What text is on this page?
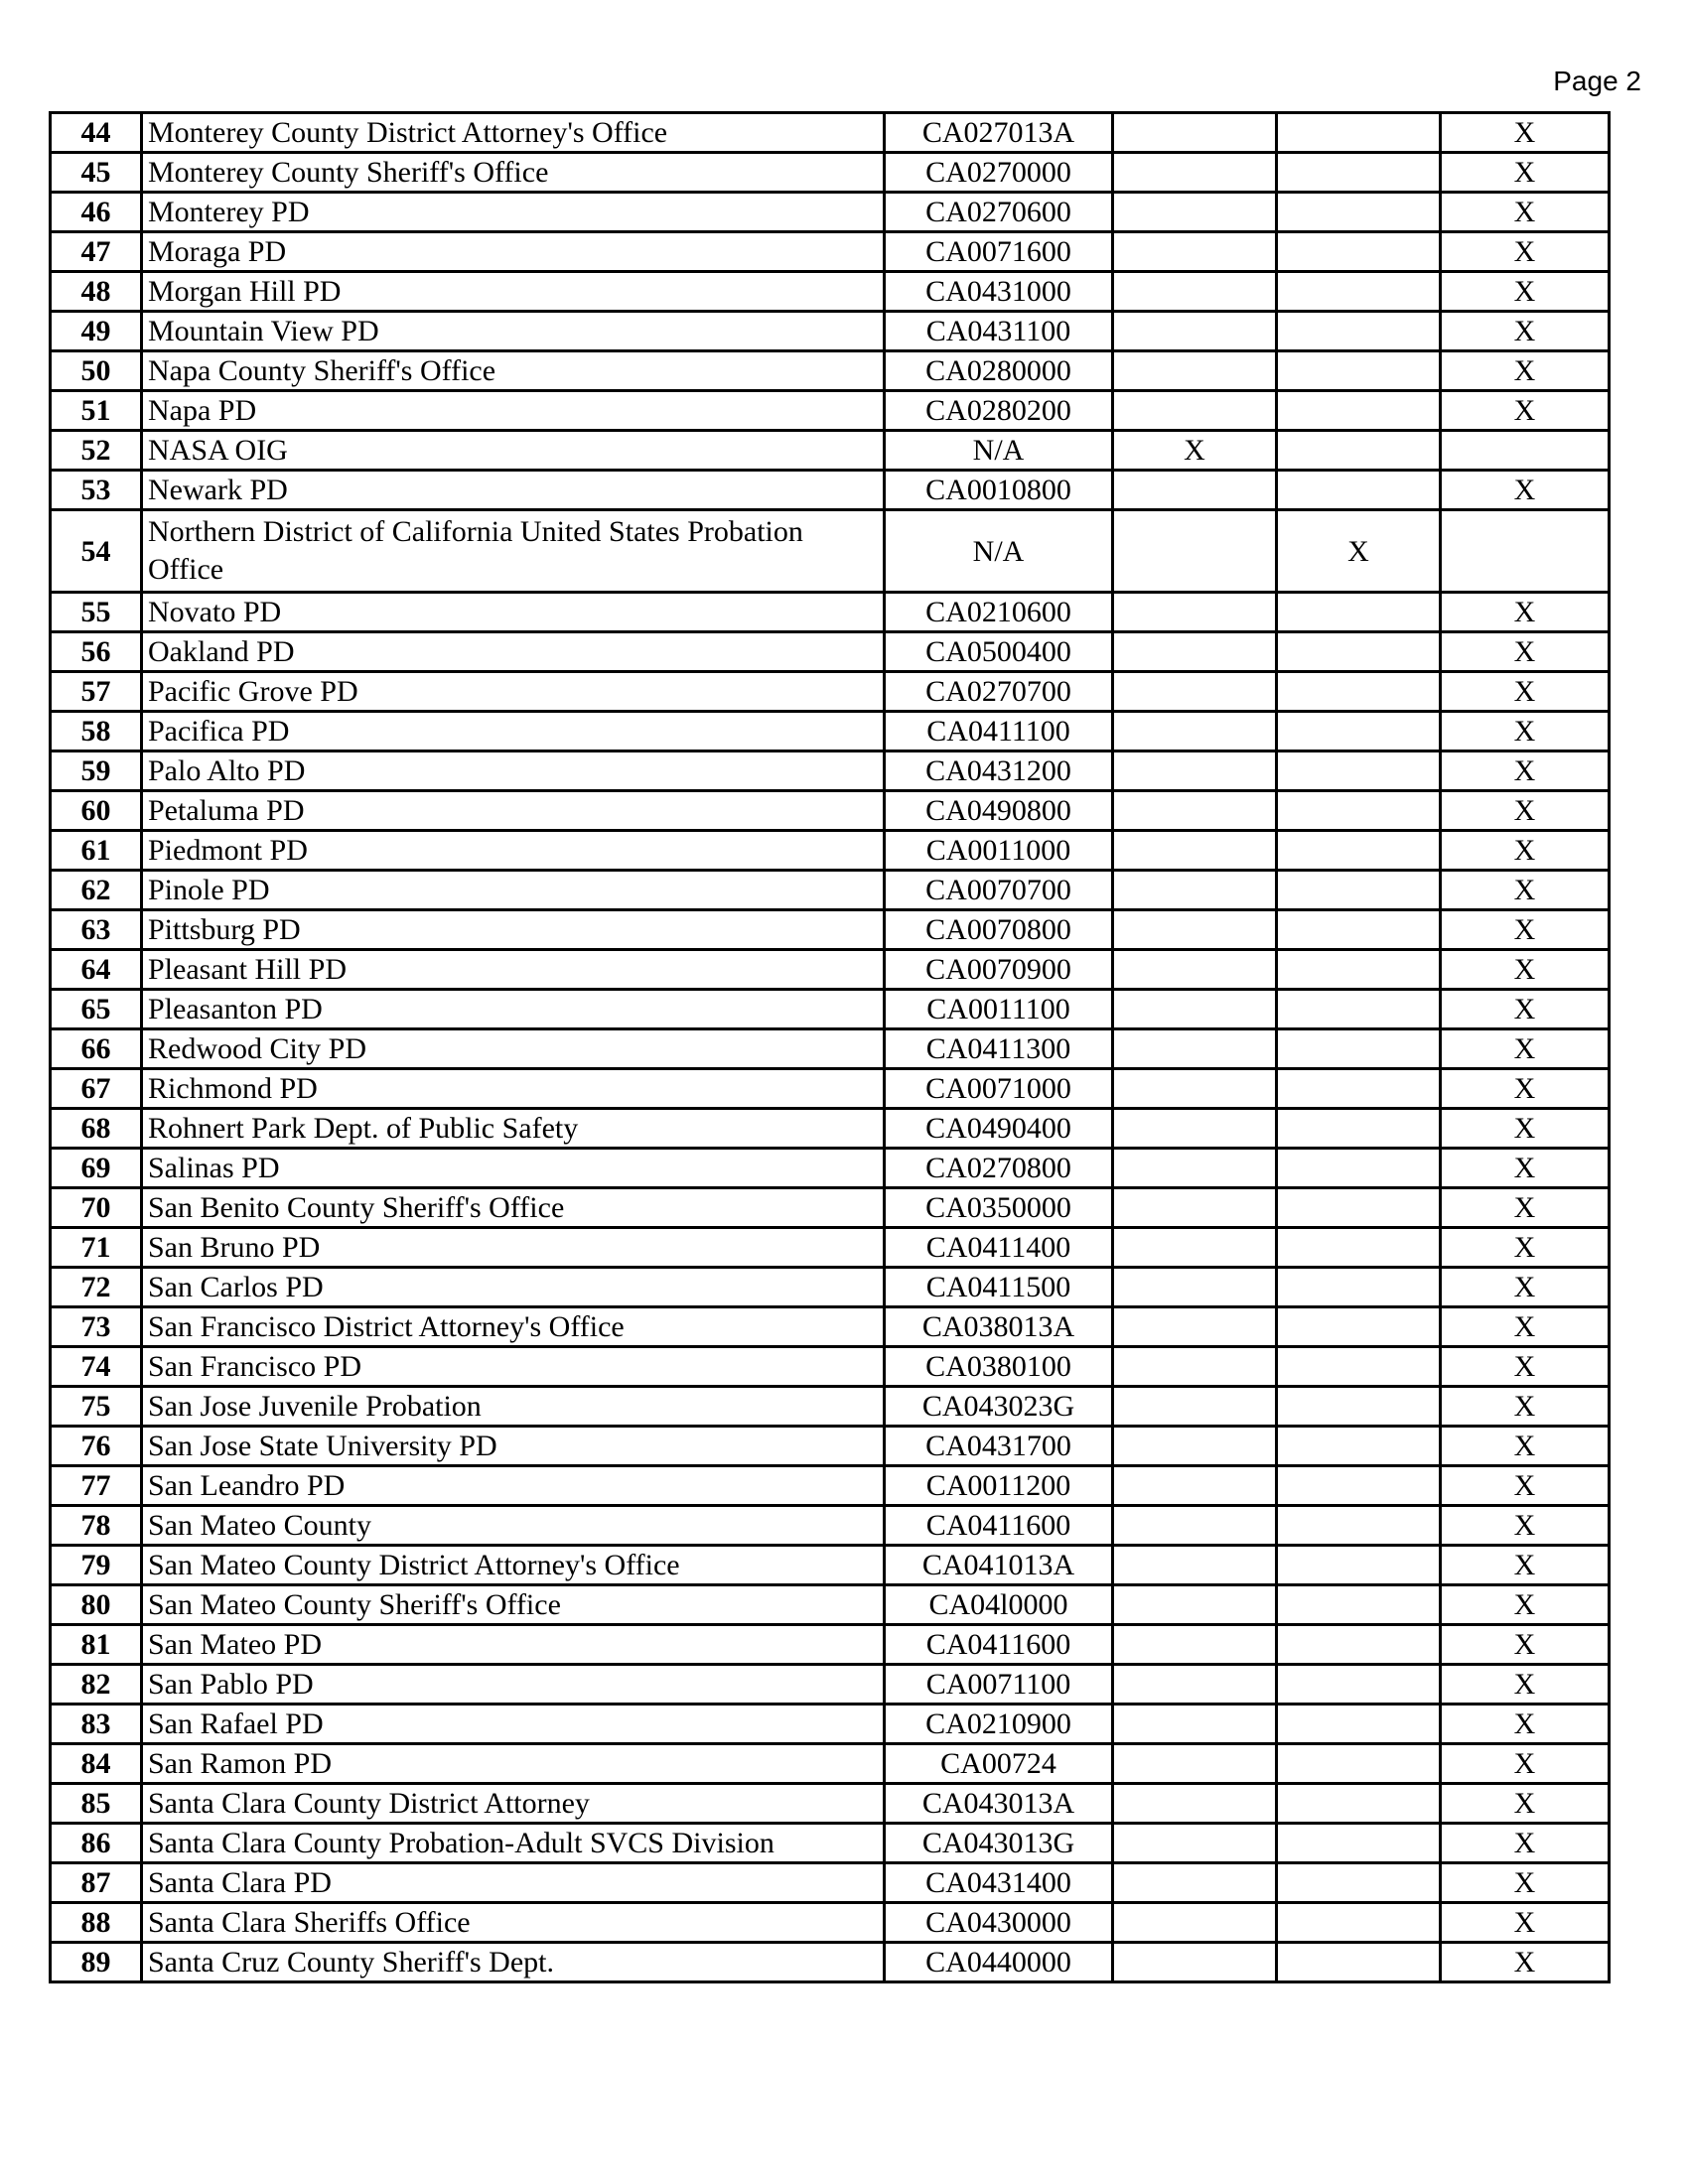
Page 2
44	Monterey County District Attorney's Office	CA027013A			X
45	Monterey County Sheriff's Office	CA0270000			X
46	Monterey PD	CA0270600			X
47	Moraga PD	CA0071600			X
48	Morgan Hill PD	CA0431000			X
49	Mountain View PD	CA0431100			X
50	Napa County Sheriff's Office	CA0280000			X
51	Napa PD	CA0280200			X
52	NASA OIG	N/A	X		
53	Newark PD	CA0010800			X
54	Northern District of California United States Probation Office	N/A		X	
55	Novato PD	CA0210600			X
56	Oakland PD	CA0500400			X
57	Pacific Grove PD	CA0270700			X
58	Pacifica PD	CA0411100			X
59	Palo Alto PD	CA0431200			X
60	Petaluma PD	CA0490800			X
61	Piedmont PD	CA0011000			X
62	Pinole PD	CA0070700			X
63	Pittsburg PD	CA0070800			X
64	Pleasant Hill PD	CA0070900			X
65	Pleasanton PD	CA0011100			X
66	Redwood City PD	CA0411300			X
67	Richmond PD	CA0071000			X
68	Rohnert Park Dept. of Public Safety	CA0490400			X
69	Salinas PD	CA0270800			X
70	San Benito County Sheriff's Office	CA0350000			X
71	San Bruno PD	CA0411400			X
72	San Carlos PD	CA0411500			X
73	San Francisco District Attorney's Office	CA038013A			X
74	San Francisco PD	CA0380100			X
75	San Jose Juvenile Probation	CA043023G			X
76	San Jose State University PD	CA0431700			X
77	San Leandro PD	CA0011200			X
78	San Mateo County	CA0411600			X
79	San Mateo County District Attorney's Office	CA041013A			X
80	San Mateo County Sheriff's Office	CA04l0000			X
81	San Mateo PD	CA0411600			X
82	San Pablo PD	CA0071100			X
83	San Rafael PD	CA0210900			X
84	San Ramon PD	CA00724			X
85	Santa Clara County District Attorney	CA043013A			X
86	Santa Clara County Probation-Adult SVCS Division	CA043013G			X
87	Santa Clara PD	CA0431400			X
88	Santa Clara Sheriffs Office	CA0430000			X
89	Santa Cruz County Sheriff's Dept.	CA0440000			X
